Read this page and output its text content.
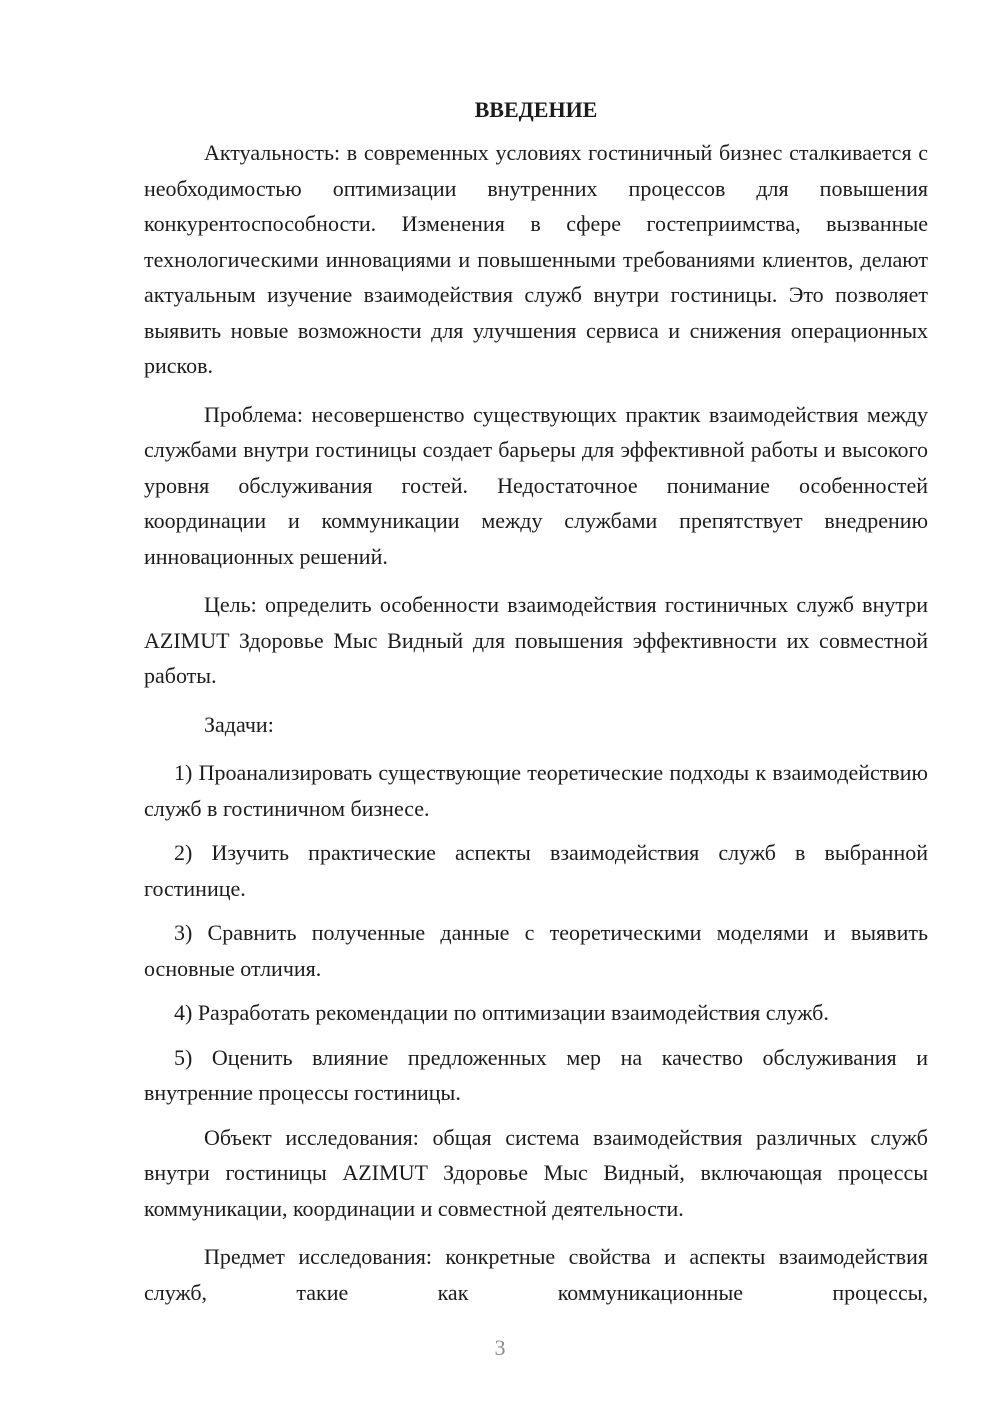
ВВЕДЕНИЕ

Актуальность: в современных условиях гостиничный бизнес сталкивается с необходимостью оптимизации внутренних процессов для повышения конкурентоспособности. Изменения в сфере гостеприимства, вызванные технологическими инновациями и повышенными требованиями клиентов, делают актуальным изучение взаимодействия служб внутри гостиницы. Это позволяет выявить новые возможности для улучшения сервиса и снижения операционных рисков.

Проблема: несовершенство существующих практик взаимодействия между службами внутри гостиницы создает барьеры для эффективной работы и высокого уровня обслуживания гостей. Недостаточное понимание особенностей координации и коммуникации между службами препятствует внедрению инновационных решений.

Цель: определить особенности взаимодействия гостиничных служб внутри AZIMUT Здоровье Мыс Видный для повышения эффективности их совместной работы.

Задачи:

1) Проанализировать существующие теоретические подходы к взаимодействию служб в гостиничном бизнесе.

2) Изучить практические аспекты взаимодействия служб в выбранной гостинице.

3) Сравнить полученные данные с теоретическими моделями и выявить основные отличия.

4) Разработать рекомендации по оптимизации взаимодействия служб.

5) Оценить влияние предложенных мер на качество обслуживания и внутренние процессы гостиницы.

Объект исследования: общая система взаимодействия различных служб внутри гостиницы AZIMUT Здоровье Мыс Видный, включающая процессы коммуникации, координации и совместной деятельности.

Предмет исследования: конкретные свойства и аспекты взаимодействия служб, такие как коммуникационные процессы,

3
